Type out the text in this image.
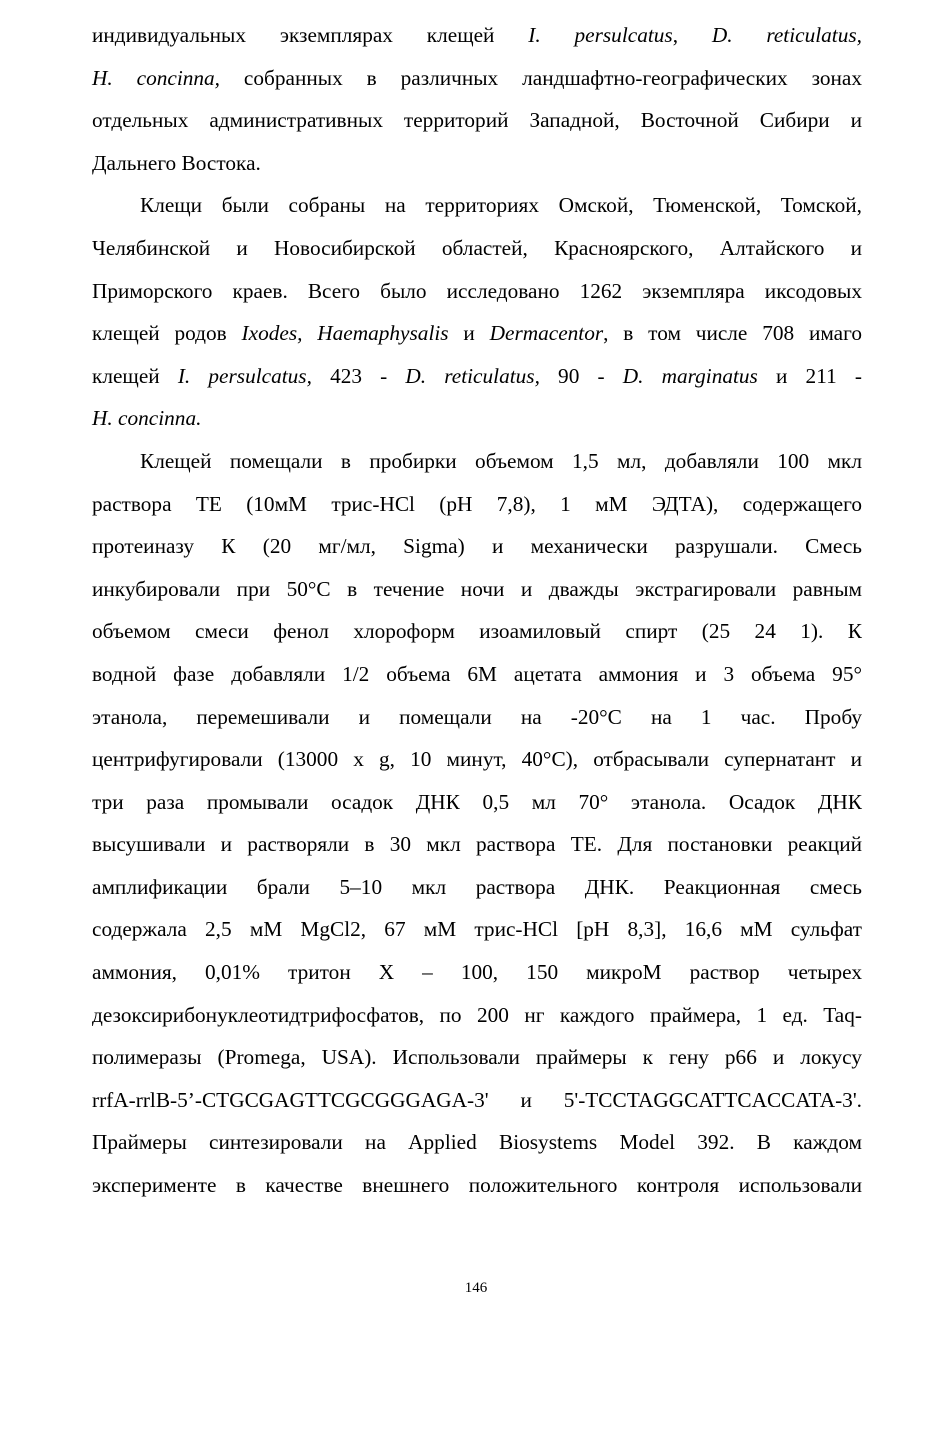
индивидуальных экземплярах клещей I. persulcatus, D. reticulatus,
H. concinna, собранных в различных ландшафтно-географических зонах
отдельных административных территорий Западной, Восточной Сибири и
Дальнего Востока.
Клещи были собраны на территориях Омской, Тюменской, Томской,
Челябинской и Новосибирской областей, Красноярского, Алтайского и
Приморского краев. Всего было исследовано 1262 экземпляра иксодовых
клещей родов Ixodes, Haemaphysalis и Dermacentor, в том числе 708 имаго
клещей I. persulcatus, 423 - D. reticulatus, 90 - D. marginatus и 211 -
H. concinna.
Клещей помещали в пробирки объемом 1,5 мл, добавляли 100 мкл
раствора ТЕ (10мМ трис-HCl (pH 7,8), 1 мМ ЭДТА), содержащего
протеиназу К (20 мг/мл, Sigma) и механически разрушали. Смесь
инкубировали при 50°С в течение ночи и дважды экстрагировали равным
объемом смеси фенол хлороформ изоамиловый спирт (25 24 1). К
водной фазе добавляли 1/2 объема 6М ацетата аммония и 3 объема 95°
этанола, перемешивали и помещали на -20°С на 1 час. Пробу
центрифугировали (13000 х g, 10 минут, 40°С), отбрасывали супернатант и
три раза промывали осадок ДНК 0,5 мл 70° этанола. Осадок ДНК
высушивали и растворяли в 30 мкл раствора ТЕ. Для постановки реакций
амплификации брали 5–10 мкл раствора ДНК. Реакционная смесь
содержала 2,5 мМ MgCl2, 67 мМ трис-HCl [pH 8,3], 16,6 мМ сульфат
аммония, 0,01% тритон Х – 100, 150 микроМ раствор четырех
дезоксирибонуклеотидтрифосфатов, по 200 нг каждого праймера, 1 ед. Taq-
полимеразы (Promega, USA). Использовали праймеры к гену р66 и локусу
rrfA-rrlB-5’-CTGCGAGTTCGCGGGAGA-3' и 5'-TCCTAGGCATTCACCATA-3'.
Праймеры синтезировали на Applied Biosystems Model 392. В каждом
эксперименте в качестве внешнего положительного контроля использовали
146
